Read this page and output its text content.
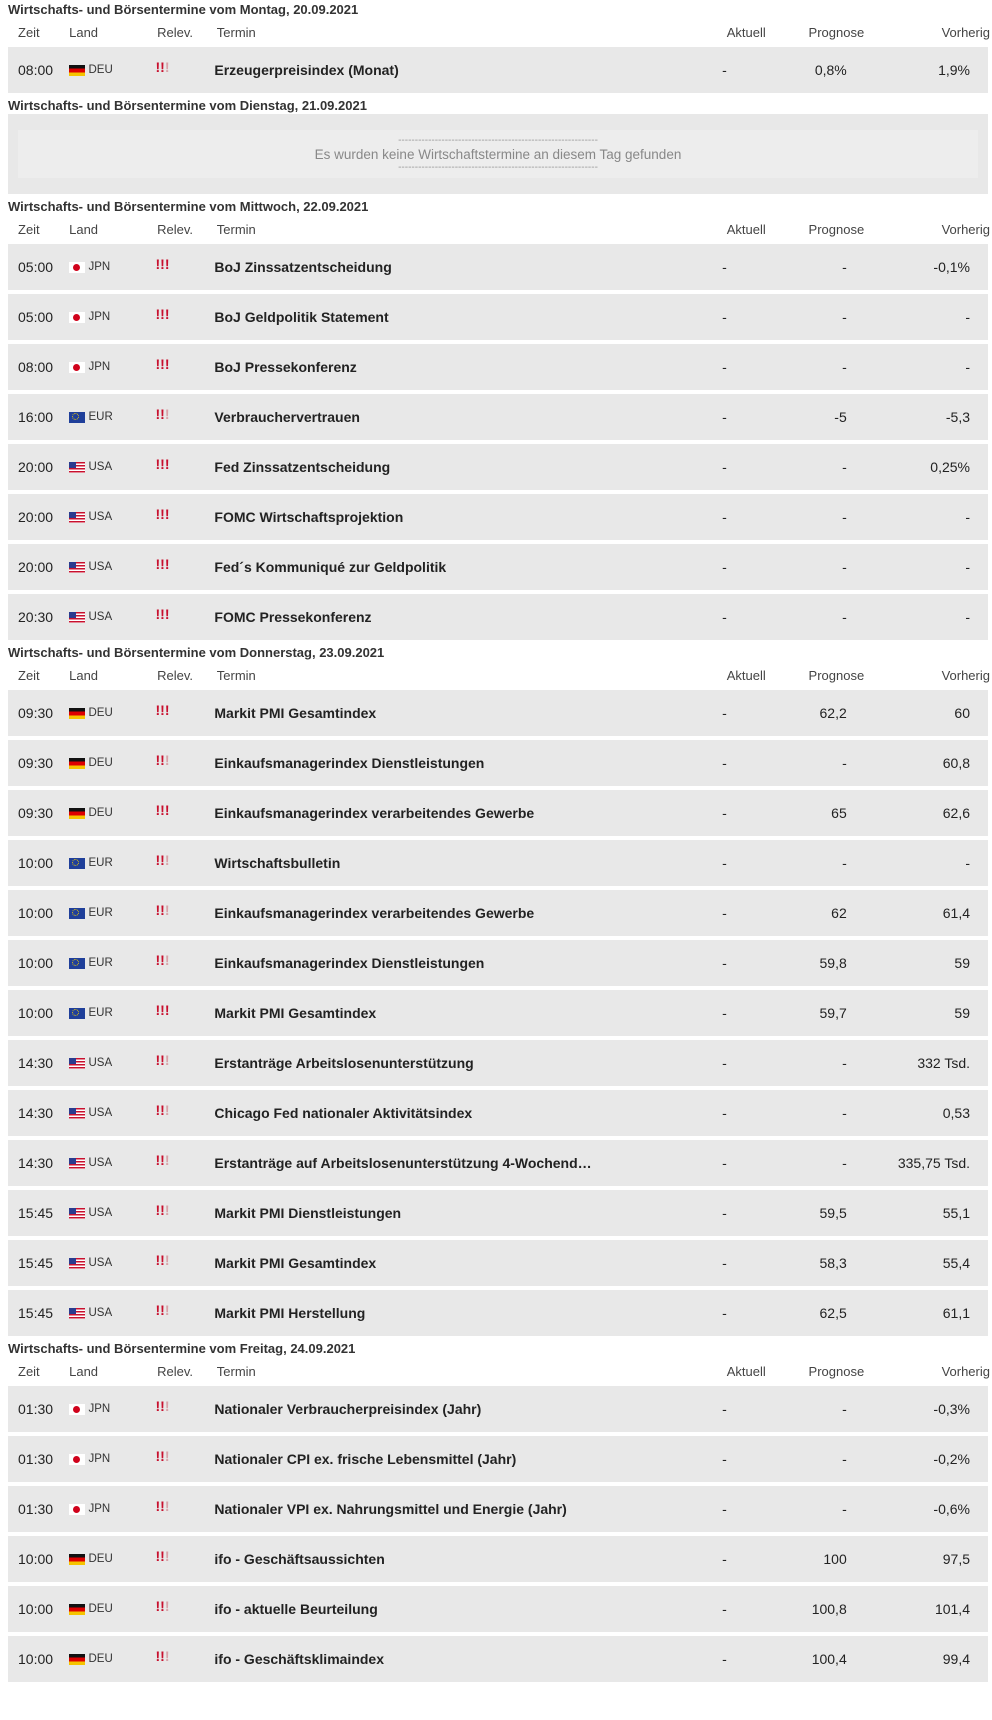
Wirtschafts- und Börsentermine vom Montag, 20.09.2021
Zeit	Land	Relev.	Termin	Aktuell	Prognose	Vorherig
08:00	DEU	!!!	Erzeugerpreisindex (Monat)	-	0,8%	1,9%
Wirtschafts- und Börsentermine vom Dienstag, 21.09.2021
------------------------------------------------------------
Es wurden keine Wirtschaftstermine an diesem Tag gefunden
------------------------------------------------------------
Wirtschafts- und Börsentermine vom Mittwoch, 22.09.2021
Zeit	Land	Relev.	Termin	Aktuell	Prognose	Vorherig
05:00	JPN	!!!	BoJ Zinssatzentscheidung	-	-	-0,1%
05:00	JPN	!!!	BoJ Geldpolitik Statement	-	-	-
08:00	JPN	!!!	BoJ Pressekonferenz	-	-	-
16:00	EUR	!!!	Verbrauchervertrauen	-	-5	-5,3
20:00	USA	!!!	Fed Zinssatzentscheidung	-	-	0,25%
20:00	USA	!!!	FOMC Wirtschaftsprojektion	-	-	-
20:00	USA	!!!	Fed´s Kommuniqué zur Geldpolitik	-	-	-
20:30	USA	!!!	FOMC Pressekonferenz	-	-	-
Wirtschafts- und Börsentermine vom Donnerstag, 23.09.2021
Zeit	Land	Relev.	Termin	Aktuell	Prognose	Vorherig
09:30	DEU	!!!	Markit PMI Gesamtindex	-	62,2	60
09:30	DEU	!!!	Einkaufsmanagerindex Dienstleistungen	-	-	60,8
09:30	DEU	!!!	Einkaufsmanagerindex verarbeitendes Gewerbe	-	65	62,6
10:00	EUR	!!!	Wirtschaftsbulletin	-	-	-
10:00	EUR	!!!	Einkaufsmanagerindex verarbeitendes Gewerbe	-	62	61,4
10:00	EUR	!!!	Einkaufsmanagerindex Dienstleistungen	-	59,8	59
10:00	EUR	!!!	Markit PMI Gesamtindex	-	59,7	59
14:30	USA	!!!	Erstanträge Arbeitslosenunterstützung	-	-	332 Tsd.
14:30	USA	!!!	Chicago Fed nationaler Aktivitätsindex	-	-	0,53
14:30	USA	!!!	Erstanträge auf Arbeitslosenunterstützung 4-Wochend…	-	-	335,75 Tsd.
15:45	USA	!!!	Markit PMI Dienstleistungen	-	59,5	55,1
15:45	USA	!!!	Markit PMI Gesamtindex	-	58,3	55,4
15:45	USA	!!!	Markit PMI Herstellung	-	62,5	61,1
Wirtschafts- und Börsentermine vom Freitag, 24.09.2021
Zeit	Land	Relev.	Termin	Aktuell	Prognose	Vorherig
01:30	JPN	!!!	Nationaler Verbraucherpreisindex (Jahr)	-	-	-0,3%
01:30	JPN	!!!	Nationaler CPI ex. frische Lebensmittel (Jahr)	-	-	-0,2%
01:30	JPN	!!!	Nationaler VPI ex. Nahrungsmittel und Energie (Jahr)	-	-	-0,6%
10:00	DEU	!!!	ifo - Geschäftsaussichten	-	100	97,5
10:00	DEU	!!!	ifo - aktuelle Beurteilung	-	100,8	101,4
10:00	DEU	!!!	ifo - Geschäftsklimaindex	-	100,4	99,4
